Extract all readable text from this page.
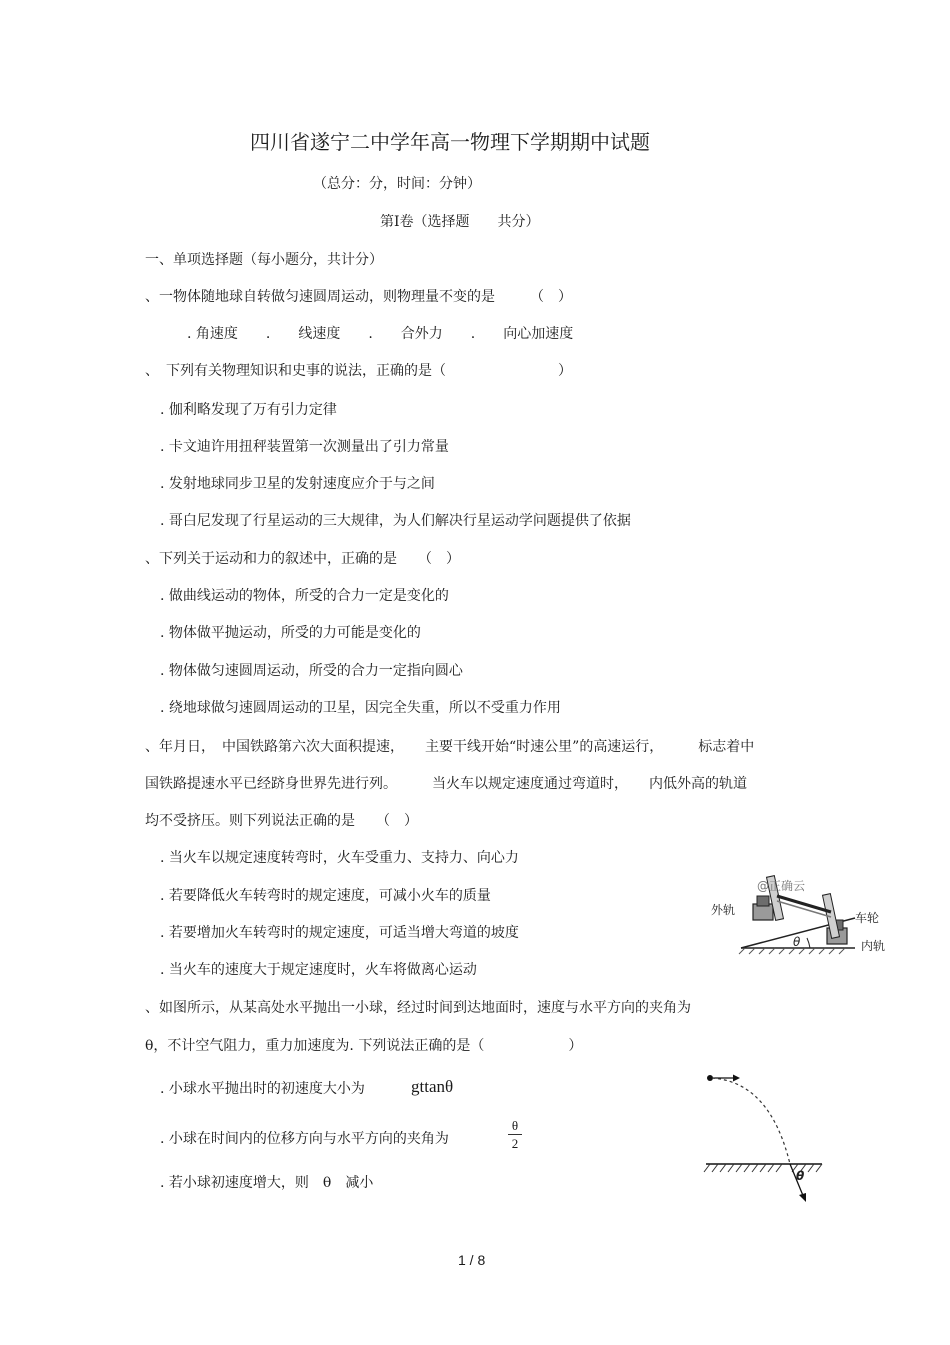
四川省遂宁二中学年高一物理下学期期中试题
（总分：分，时间：分钟）
第Ⅰ卷（选择题　　共分）
一、单项选择题（每小题分，共计分）
、一物体随地球自转做匀速圆周运动，则物理量不变的是　　　（　）
. 角速度　　.　　线速度　　.　　合外力　　.　　向心加速度
、　下列有关物理知识和史事的说法，正确的是（　　　　　　　　）
. 伽利略发现了万有引力定律
. 卡文迪许用扭秤装置第一次测量出了引力常量
. 发射地球同步卫星的发射速度应介于与之间
. 哥白尼发现了行星运动的三大规律，为人们解决行星运动学问题提供了依据
、下列关于运动和力的叙述中，正确的是　　（　）
. 做曲线运动的物体，所受的合力一定是变化的
. 物体做平抛运动，所受的力可能是变化的
. 物体做匀速圆周运动，所受的合力一定指向圆心
. 绕地球做匀速圆周运动的卫星，因完全失重，所以不受重力作用
、年月日，　中国铁路第六次大面积提速，　　主要干线开始“时速公里”的高速运行，　　　标志着中
国铁路提速水平已经跻身世界先进行列。　　　当火车以规定速度通过弯道时，　　内低外高的轨道
均不受挤压。则下列说法正确的是　　（　）
. 当火车以规定速度转弯时，火车受重力、支持力、向心力
. 若要降低火车转弯时的规定速度，可减小火车的质量
. 若要增加火车转弯时的规定速度，可适当增大弯道的坡度
. 当火车的速度大于规定速度时，火车将做离心运动
θ
外轨
车轮
内轨
@正确云
、如图所示，从某高处水平抛出一小球，经过时间到达地面时，速度与水平方向的夹角为
θ，不计空气阻力，重力加速度为. 下列说法正确的是（　　　　　　）
. 小球水平抛出时的初速度大小为	gttanθ
. 小球在时间内的位移方向与水平方向的夹角为
θ
2
. 若小球初速度增大，则　θ　减小	θ
1 / 8
